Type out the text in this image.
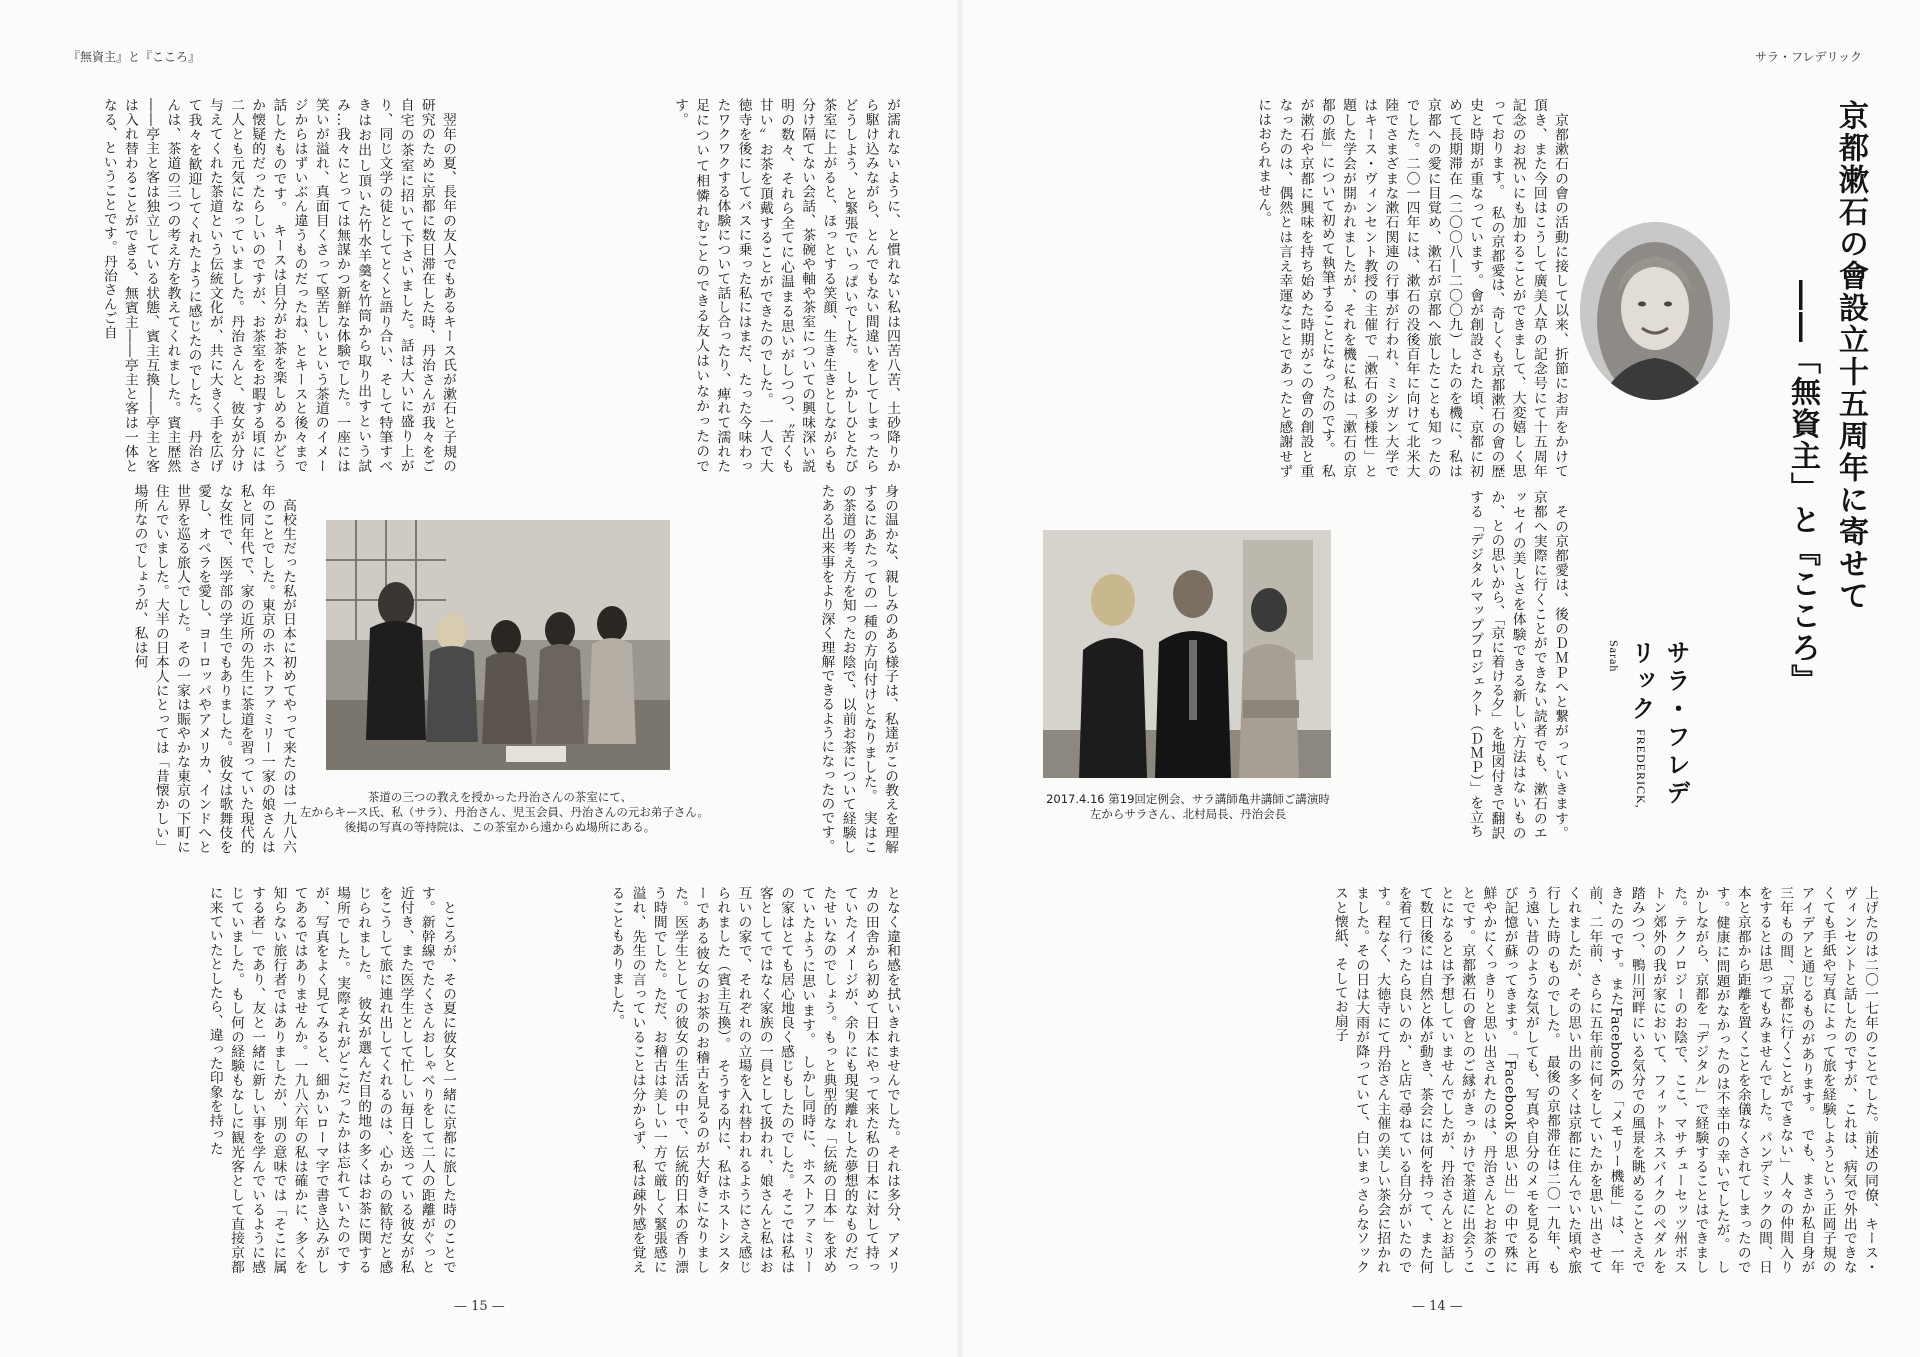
『無資主』と『こころ』	サラ・フレデリック
京都漱石の會設立十五周年に寄せて
――「無資主」と『こころ』
サラ・フレデリック FREDERICK, Sarah
　京都漱石の會の活動に接して以来、折節にお声をかけて頂き、また今回はこうして廣美人草の記念号にて十五周年記念のお祝いにも加わることができまして、大変嬉しく思っております。　私の京都愛は、奇しくも京都漱石の會の歴史と時期が重なっています。會が創設された頃、京都に初めて長期滞在（二〇〇八―二〇〇九）したのを機に、私は京都への愛に目覚め、漱石が京都へ旅したことも知ったのでした。二〇一四年には、漱石の没後百年に向けて北米大陸でさまざまな漱石関連の行事が行われ、ミシガン大学ではキース・ヴィンセント教授の主催で「漱石の多様性」と題した学会が開かれましたが、それを機に私は「漱石の京都の旅」について初めて執筆することになったのです。　私が漱石や京都に興味を持ち始めた時期がこの會の創設と重なったのは、偶然とは言え幸運なことであったと感謝せずにはおられません。
　その京都愛は、後のＤＭＰへと繋がっていきます。京都へ実際に行くことができない読者でも、漱石のエッセイの美しさを体験できる新しい方法はないものか、との思いから、「京に着ける夕」を地図付きで翻訳する「デジタルマッププロジェクト（ＤＭＰ）」を立ち
2017.4.16 第19回定例会、サラ講師亀井講師ご講演時
左からサラさん、北村局長、丹治会長
上げたのは二〇一七年のことでした。前述の同僚、キース・ヴィンセントと話したのですが、これは、病気で外出できなくても手紙や写真によって旅を経験しようという正岡子規のアイデアと通じるものがあります。　でも、まさか私自身が三年もの間、「京都に行くことができない」人々の仲間入りをするとは思ってもみませんでした。パンデミックの間、日本と京都から距離を置くことを余儀なくされてしまったのです。健康に問題がなかったのは不幸中の幸いでしたが。　しかしながら、京都を「デジタル」で経験することはできました。テクノロジーのお陰で、ここ、マサチューセッツ州ボストン郊外の我が家において、フィットネスバイクのペダルを踏みつつ、鴨川河畔にいる気分での風景を眺めることさえできたのです。またFacebookの「メモリー機能」は、一年前、二年前、さらに五年前に何をしていたかを思い出させてくれましたが、その思い出の多くは京都に住んでいた頃や旅行した時のものでした。　最後の京都滞在は二〇一九年、もう遠い昔のような気がしても、写真や自分のメモを見ると再び記憶が蘇ってきます。　「Facebookの思い出」の中で殊に鮮やかにくっきりと思い出されたのは、丹治さんとお茶のことです。京都漱石の會とのご縁がきっかけで茶道に出会うことになるとは予想していませんでしたが、丹治さんとお話して数日後には自然と体が動き、茶会には何を持って、また何を着て行ったら良いのか、と店で尋ねている自分がいたのです。程なく、大徳寺にて丹治さん主催の美しい茶会に招かれました。その日は大雨が降っていて、白いまっさらなソックスと懐紙、そしてお扇子
— 14 —
が濡れないように、と慣れない私は四苦八苦、土砂降りから駆け込みながら、とんでもない間違いをしてしまったらどうしよう、と緊張でいっぱいでした。　しかしひとたび茶室に上がると、ほっとする笑顔、生き生きとしながらも分け隔てない会話、茶碗や軸や茶室についての興味深い説明の数々、それら全てに心温まる思いがしつつ、〝苦くも甘い〟お茶を頂戴することができたのでした。　一人で大徳寺を後にしてバスに乗った私にはまだ、たった今味わったワクワクする体験について話し合ったり、痺れて濡れた足について相憐れむことのできる友人はいなかったのです。
　翌年の夏、長年の友人でもあるキース氏が漱石と子規の研究のために京都に数日滞在した時、丹治さんが我々をご自宅の茶室に招いて下さいました。話は大いに盛り上がり、同じ文学の徒としてとくと語り合い、そして特筆すべきはお出し頂いた竹水羊羹を竹筒から取り出すという試み…我々にとっては無謀かつ新鮮な体験でした。一座には笑いが溢れ、真面目くさって堅苦しいという茶道のイメージからはずいぶん違うものだったね、とキースと後々まで話したものです。　キースは自分がお茶を楽しめるかどうか懐疑的だったらしいのですが、お茶室をお暇する頃には二人とも元気になっていました。丹治さんと、彼女が分け与えてくれた茶道という伝統文化が、共に大きく手を広げて我々を歓迎してくれたように感じたのでした。　丹治さんは、茶道の三つの考え方を教えてくれました。賓主歴然――亭主と客は独立している状態、賓主互換――亭主と客は入れ替わることができる、無賓主――亭主と客は一体となる、ということです。丹治さんご自
身の温かな、親しみのある様子は、私達がこの教えを理解するにあたっての一種の方向付けとなりました。　実はこの茶道の考え方を知ったお陰で、以前お茶について経験したある出来事をより深く理解できるようになったのです。
茶道の三つの教えを授かった丹治さんの茶室にて、
左からキース氏、私（サラ）、丹治さん、児玉会員、丹治さんの元お弟子さん。
後掲の写真の等持院は、この茶室から遠からぬ場所にある。
　高校生だった私が日本に初めてやって来たのは一九八六年のことでした。東京のホストファミリー一家の娘さんは私と同年代で、家の近所の先生に茶道を習っていた現代的な女性で、医学部の学生でもありました。彼女は歌舞伎を愛し、オペラを愛し、ヨーロッパやアメリカ、インドへと世界を巡る旅人でした。その一家は賑やかな東京の下町に住んでいました。大半の日本人にとっては「昔懐かしい」場所なのでしょうが、私は何
となく違和感を拭いきれませんでした。それは多分、アメリカの田舎から初めて日本にやって来た私の日本に対して持っていたイメージが、余りにも現実離れした夢想的なものだったせいなのでしょう。もっと典型的な「伝統の日本」を求めていたように思います。　しかし同時に、ホストファミリーの家はとても居心地良く感じもしたのでした。そこでは私は客としてではなく家族の一員として扱われ、娘さんと私はお互いの家で、それぞれの立場を入れ替われるようにさえ感じられました（賓主互換）。　そうする内に、私はホストシスターである彼女のお茶のお稽古を見るのが大好きになりました。医学生としての彼女の生活の中で、伝統的日本の香り漂う時間でした。ただ、お稽古は美しい一方で厳しく緊張感に溢れ、先生の言っていることは分からず、私は疎外感を覚えることもありました。
　ところが、その夏に彼女と一緒に京都に旅した時のことです。新幹線でたくさんおしゃべりをして二人の距離がぐっと近付き、また医学生として忙しい毎日を送っている彼女が私をこうして旅に連れ出してくれるのは、心からの歓待だと感じられました。　彼女が選んだ目的地の多くはお茶に関する場所でした。実際それがどこだったかは忘れていたのですが、写真をよく見てみると、細かいローマ字で書き込みがしてあるではありませんか。一九八六年の私は確かに、多くを知らない旅行者ではありましたが、別の意味では「そこに属する者」であり、友と一緒に新しい事を学んでいるように感じていました。もし何の経験もなしに観光客として直接京都に来ていたとしたら、違った印象を持った
— 15 —
